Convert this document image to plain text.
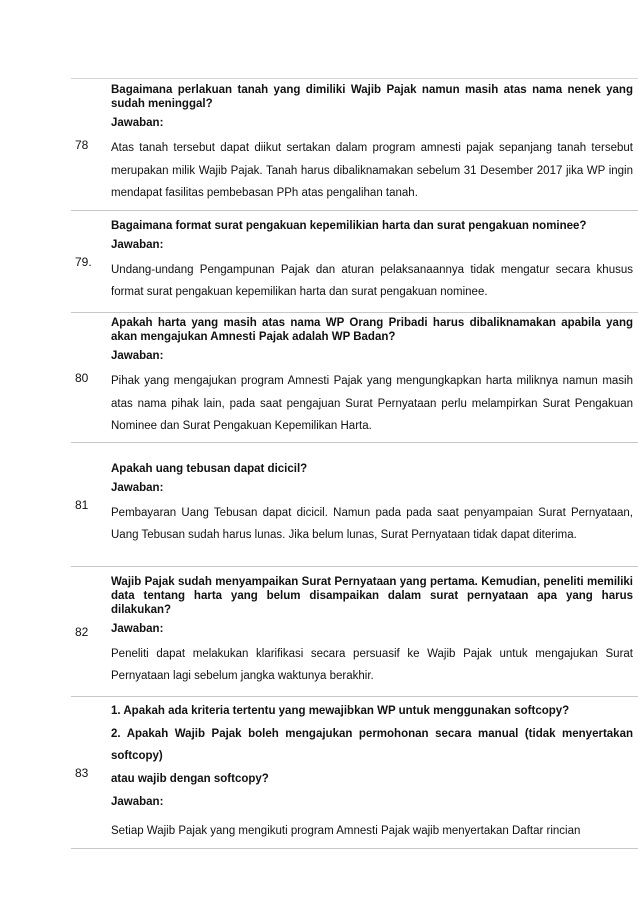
78	Bagaimana perlakuan tanah yang dimiliki Wajib Pajak namun masih atas nama nenek yang sudah meninggal?

Jawaban:

Atas tanah tersebut dapat diikut sertakan dalam program amnesti pajak sepanjang tanah tersebut merupakan milik Wajib Pajak. Tanah harus dibaliknamakan sebelum 31 Desember 2017 jika WP ingin mendapat fasilitas pembebasan PPh atas pengalihan tanah.

79.	Bagaimana format surat pengakuan kepemilikian harta dan surat pengakuan nominee?

Jawaban:

Undang-undang Pengampunan Pajak dan aturan pelaksanaannya tidak mengatur secara khusus format surat pengakuan kepemilikan harta dan surat pengakuan nominee.

80	Apakah harta yang masih atas nama WP Orang Pribadi harus dibaliknamakan apabila yang akan mengajukan Amnesti Pajak adalah WP Badan?

Jawaban:

Pihak yang mengajukan program Amnesti Pajak yang mengungkapkan harta miliknya namun masih atas nama pihak lain, pada saat pengajuan Surat Pernyataan perlu melampirkan Surat Pengakuan Nominee dan Surat Pengakuan Kepemilikan Harta.

81	Apakah uang tebusan dapat dicicil?

Jawaban:

Pembayaran Uang Tebusan dapat dicicil. Namun pada pada saat penyampaian Surat Pernyataan, Uang Tebusan sudah harus lunas. Jika belum lunas, Surat Pernyataan tidak dapat diterima.

82	Wajib Pajak sudah menyampaikan Surat Pernyataan yang pertama. Kemudian, peneliti memiliki data tentang harta yang belum disampaikan dalam surat pernyataan apa yang harus dilakukan?

Jawaban:

Peneliti dapat melakukan klarifikasi secara persuasif ke Wajib Pajak untuk mengajukan Surat Pernyataan lagi sebelum jangka waktunya berakhir.

83	1. Apakah ada kriteria tertentu yang mewajibkan WP untuk menggunakan softcopy?

2. Apakah Wajib Pajak boleh mengajukan permohonan secara manual (tidak menyertakan softcopy)

atau wajib dengan softcopy?

Jawaban:

Setiap Wajib Pajak yang mengikuti program Amnesti Pajak wajib menyertakan Daftar rincian
